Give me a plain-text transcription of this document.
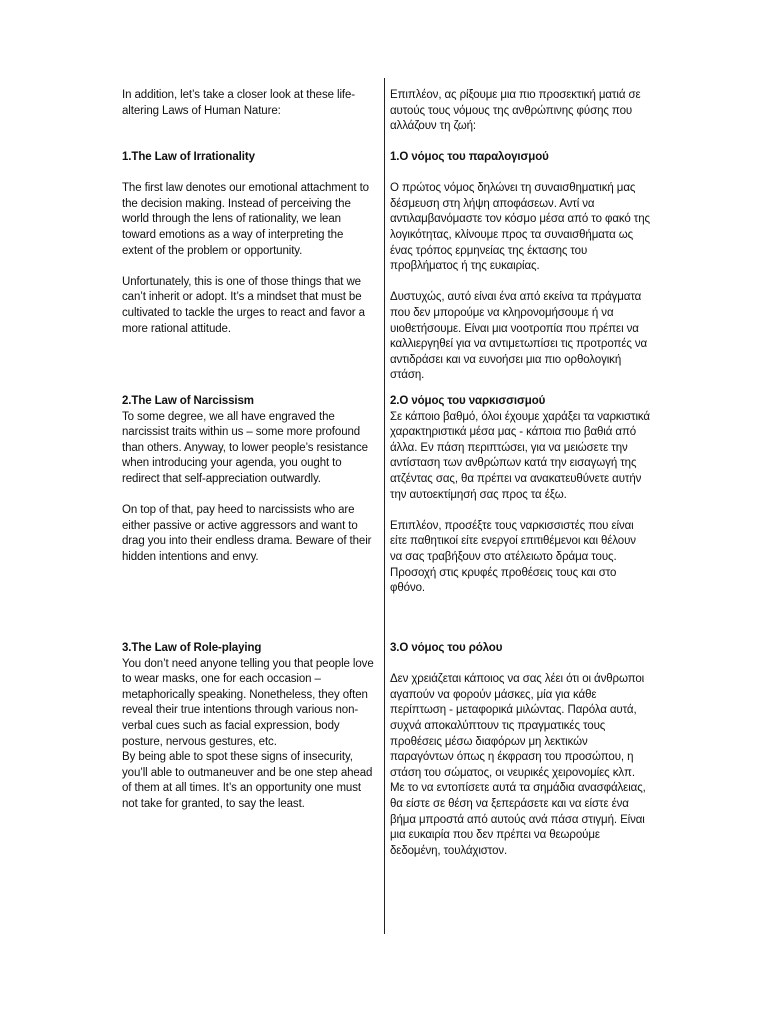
In addition, let’s take a closer look at these life-altering Laws of Human Nature:

1.The Law of Irrationality

The first law denotes our emotional attachment to the decision making. Instead of perceiving the world through the lens of rationality, we lean toward emotions as a way of interpreting the extent of the problem or opportunity.

Unfortunately, this is one of those things that we can’t inherit or adopt. It’s a mindset that must be cultivated to tackle the urges to react and favor a more rational attitude.

2.The Law of Narcissism

To some degree, we all have engraved the narcissist traits within us – some more profound than others. Anyway, to lower people’s resistance when introducing your agenda, you ought to redirect that self-appreciation outwardly.

On top of that, pay heed to narcissists who are either passive or active aggressors and want to drag you into their endless drama. Beware of their hidden intentions and envy.

3.The Law of Role-playing

You don’t need anyone telling you that people love to wear masks, one for each occasion – metaphorically speaking. Nonetheless, they often reveal their true intentions through various non-verbal cues such as facial expression, body posture, nervous gestures, etc.

By being able to spot these signs of insecurity, you’ll able to outmaneuver and be one step ahead of them at all times. It’s an opportunity one must not take for granted, to say the least.

Επιπλέον, ας ρίξουμε μια πιο προσεκτική ματιά σε αυτούς τους νόμους της ανθρώπινης φύσης που αλλάζουν τη ζωή:

1.Ο νόμος του παραλογισμού

Ο πρώτος νόμος δηλώνει τη συναισθηματική μας δέσμευση στη λήψη αποφάσεων. Αντί να αντιλαμβανόμαστε τον κόσμο μέσα από το φακό της λογικότητας, κλίνουμε προς τα συναισθήματα ως ένας τρόπος ερμηνείας της έκτασης του προβλήματος ή της ευκαιρίας.

Δυστυχώς, αυτό είναι ένα από εκείνα τα πράγματα που δεν μπορούμε να κληρονομήσουμε ή να υιοθετήσουμε. Είναι μια νοοτροπία που πρέπει να καλλιεργηθεί για να αντιμετωπίσει τις προτροπές να αντιδράσει και να ευνοήσει μια πιο ορθολογική στάση.

2.Ο νόμος του ναρκισσισμού

Σε κάποιο βαθμό, όλοι έχουμε χαράξει τα ναρκιστικά χαρακτηριστικά μέσα μας - κάποια πιο βαθιά από άλλα. Εν πάση περιπτώσει, για να μειώσετε την αντίσταση των ανθρώπων κατά την εισαγωγή της ατζέντας σας, θα πρέπει να ανακατευθύνετε αυτήν την αυτοεκτίμησή σας προς τα έξω.

Επιπλέον, προσέξτε τους ναρκισσιστές που είναι είτε παθητικοί είτε ενεργοί επιτιθέμενοι και θέλουν να σας τραβήξουν στο ατέλειωτο δράμα τους. Προσοχή στις κρυφές προθέσεις τους και στο φθόνο.

3.Ο νόμος του ρόλου

Δεν χρειάζεται κάποιος να σας λέει ότι οι άνθρωποι αγαπούν να φορούν μάσκες, μία για κάθε περίπτωση - μεταφορικά μιλώντας. Παρόλα αυτά, συχνά αποκαλύπτουν τις πραγματικές τους προθέσεις μέσω διαφόρων μη λεκτικών παραγόντων όπως η έκφραση του προσώπου, η στάση του σώματος, οι νευρικές χειρονομίες κλπ.

Με το να εντοπίσετε αυτά τα σημάδια ανασφάλειας, θα είστε σε θέση να ξεπεράσετε και να είστε ένα βήμα μπροστά από αυτούς ανά πάσα στιγμή. Είναι μια ευκαιρία που δεν πρέπει να θεωρούμε δεδομένη, τουλάχιστον.
